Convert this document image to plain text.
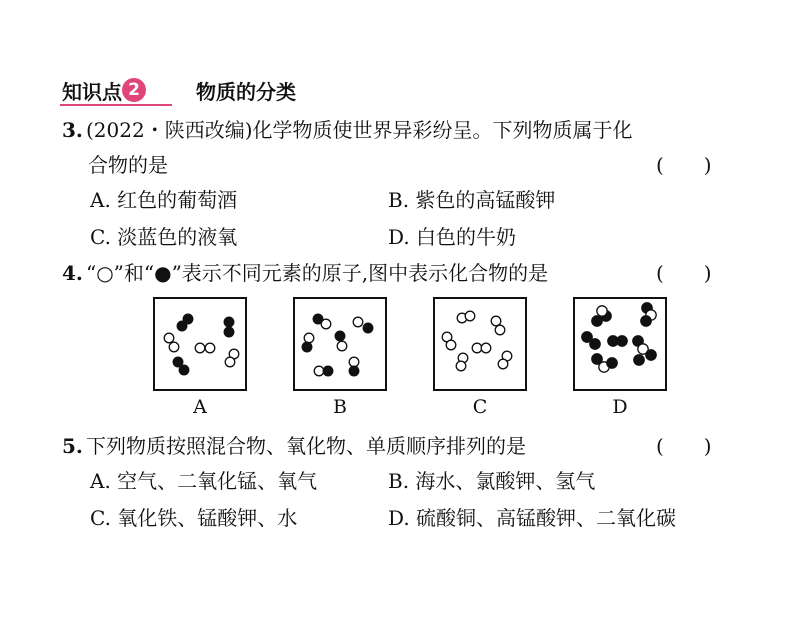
知识点 2	物质的分类
3. (2022・陕西改编)化学物质使世界异彩纷呈。下列物质属于化
合物的是	(　　)
A. 红色的葡萄酒	B. 紫色的高锰酸钾
C. 淡蓝色的液氧	D. 白色的牛奶
4. “○”和“●”表示不同元素的原子,图中表示化合物的是	(　　)
A	B	C	D
5. 下列物质按照混合物、氧化物、单质顺序排列的是	(　　)
A. 空气、二氧化锰、氧气	B. 海水、氯酸钾、氢气
C. 氧化铁、锰酸钾、水	D. 硫酸铜、高锰酸钾、二氧化碳
